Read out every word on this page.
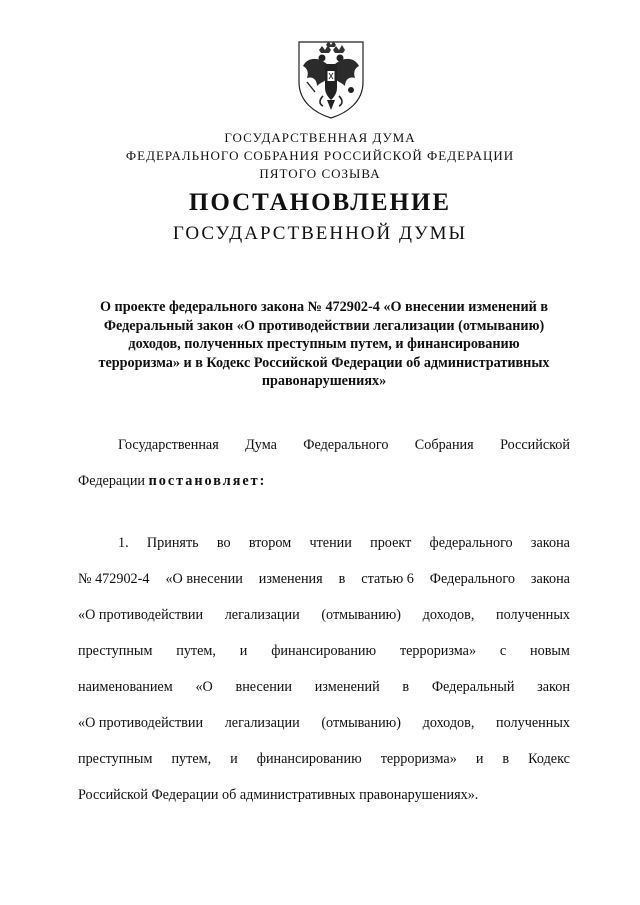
ГОСУДАРСТВЕННАЯ ДУМА
ФЕДЕРАЛЬНОГО СОБРАНИЯ РОССИЙСКОЙ ФЕДЕРАЦИИ
ПЯТОГО СОЗЫВА
ПОСТАНОВЛЕНИЕ
ГОСУДАРСТВЕННОЙ ДУМЫ
О проекте федерального закона № 472902-4 «О внесении изменений в
Федеральный закон «О противодействии легализации (отмыванию)
доходов, полученных преступным путем, и финансированию
терроризма» и в Кодекс Российской Федерации об административных
правонарушениях»
Государственная Дума Федерального Собрания Российской
Федерации постановляет:
1. Принять во втором чтении проект федерального закона
№ 472902-4 «О внесении изменения в статью 6 Федерального закона
«О противодействии легализации (отмыванию) доходов, полученных
преступным путем, и финансированию терроризма» с новым
наименованием «О внесении изменений в Федеральный закон
«О противодействии легализации (отмыванию) доходов, полученных
преступным путем, и финансированию терроризма» и в Кодекс
Российской Федерации об административных правонарушениях».
